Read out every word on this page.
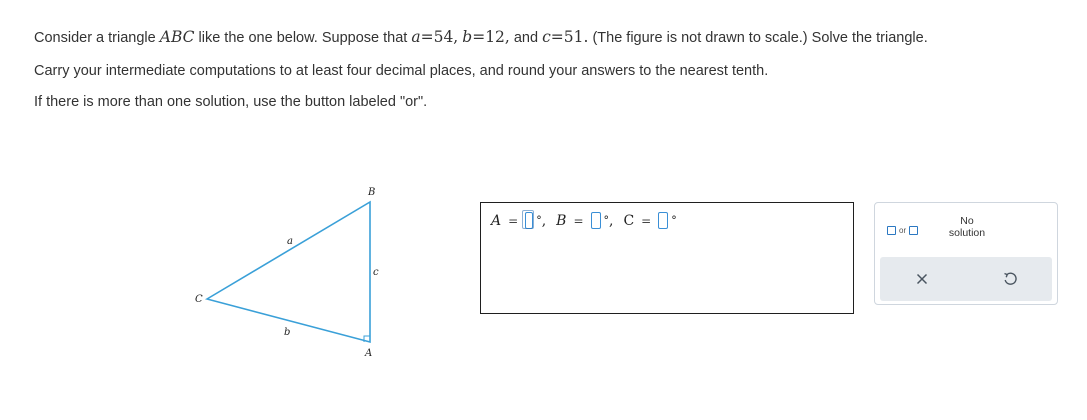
Consider a triangle ABC like the one below. Suppose that a=54, b=12, and c=51. (The figure is not drawn to scale.) Solve the triangle.
Carry your intermediate computations to at least four decimal places, and round your answers to the nearest tenth.
If there is more than one solution, use the button labeled "or".
B
A
C
a
b
c
A = ° , B = ° , C = °
or
No
solution
